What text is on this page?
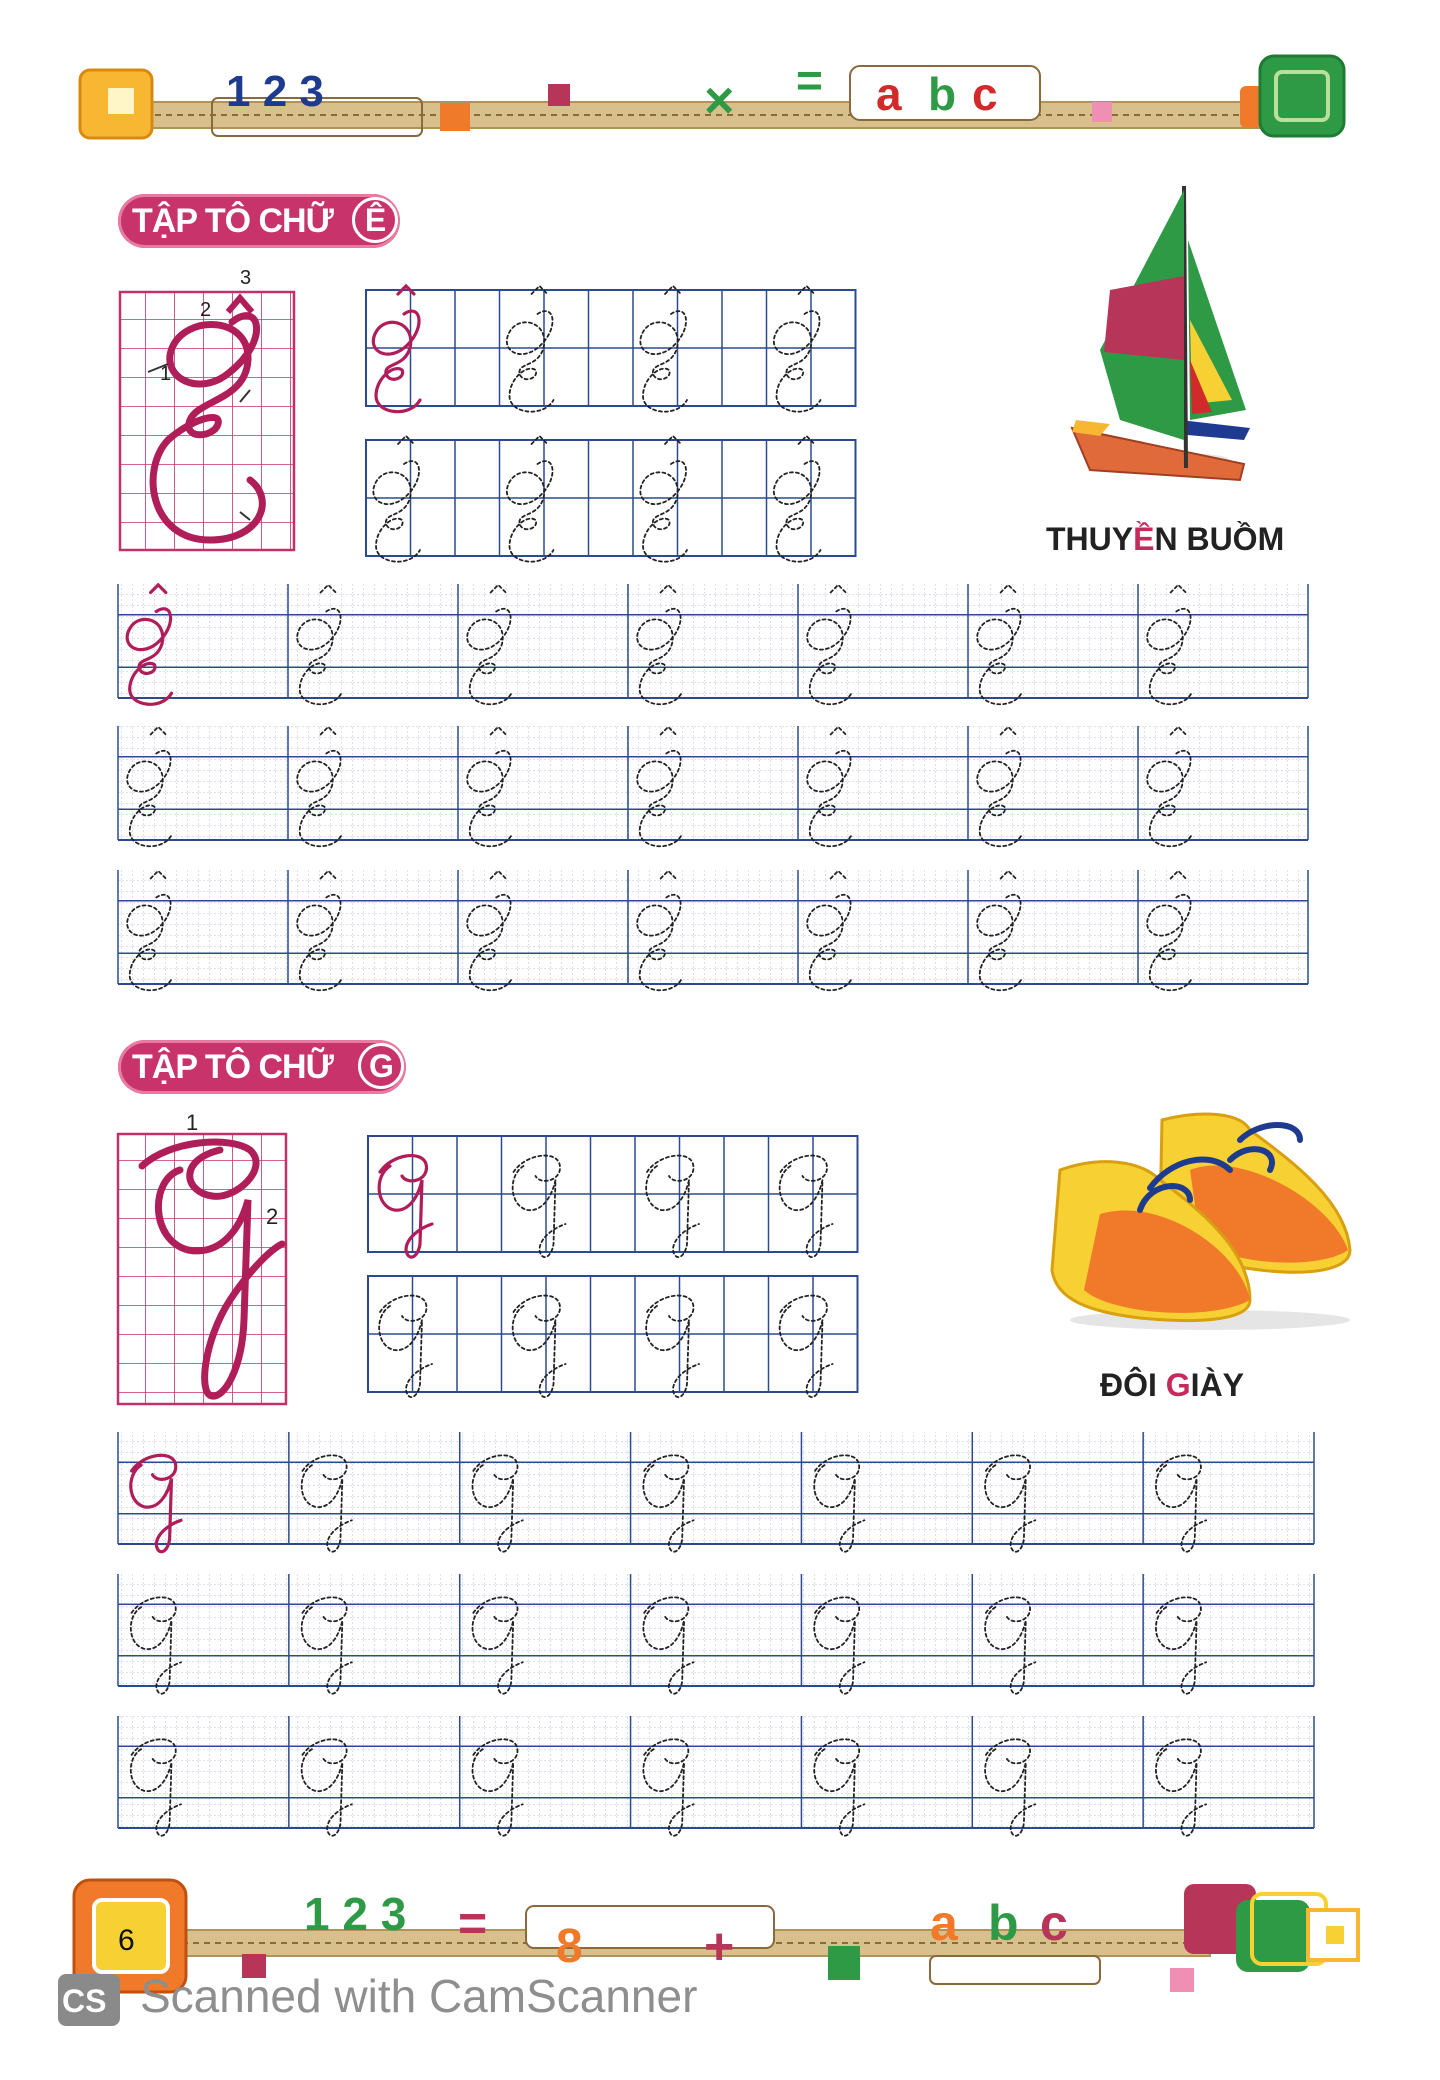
1 2 3	× = a b c
1
2
3
THUYỀN BUỒM
1
2
ĐÔI GIÀY
6
1 2 3 = 8 +	a b c
CS Scanned with CamScanner
TẬP TÔ CHỮ	Ê
TẬP TÔ CHỮ	G
